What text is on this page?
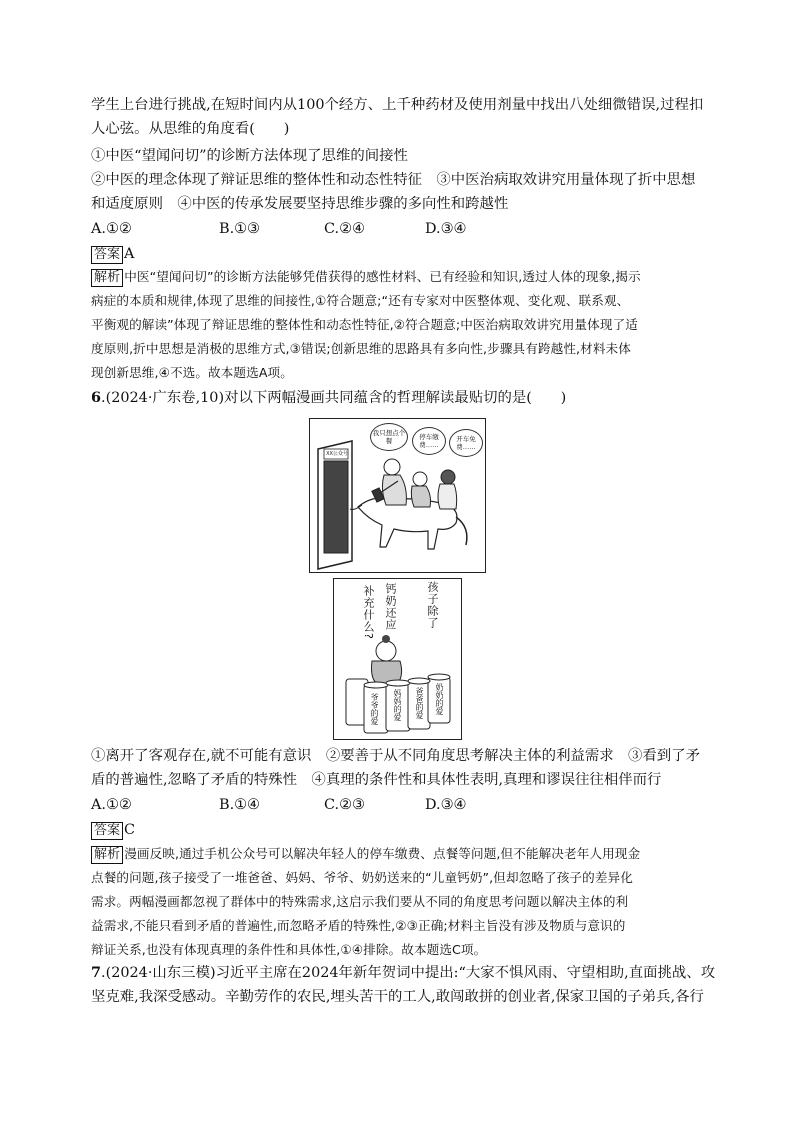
学生上台进行挑战,在短时间内从100个经方、上千种药材及使用剂量中找出八处细微错误,过程扣
人心弦。从思维的角度看(　　)
①中医“望闻问切”的诊断方法体现了思维的间接性
②中医的理念体现了辩证思维的整体性和动态性特征　③中医治病取效讲究用量体现了折中思想
和适度原则　④中医的传承发展要坚持思维步骤的多向性和跨越性
A.①②	B.①③	C.②④	D.③④
答案 A
解析 中医“望闻问切”的诊断方法能够凭借获得的感性材料、已有经验和知识,透过人体的现象,揭示
病症的本质和规律,体现了思维的间接性,①符合题意;“还有专家对中医整体观、变化观、联系观、
平衡观的解读”体现了辩证思维的整体性和动态性特征,②符合题意;中医治病取效讲究用量体现了适
度原则,折中思想是消极的思维方式,③错误;创新思维的思路具有多向性,步骤具有跨越性,材料未体
现创新思维,④不选。故本题选A项。
6.(2024·广东卷,10)对以下两幅漫画共同蕴含的哲理解读最贴切的是(　　)
XX公众号
我只想点个餐	停车缴费……
开车免费……
补充什么? 钙奶还应	孩子除了
爷爷的爱 妈妈的爱 爸爸的爱 奶奶的爱
①离开了客观存在,就不可能有意识　②要善于从不同角度思考解决主体的利益需求　③看到了矛
盾的普遍性,忽略了矛盾的特殊性　④真理的条件性和具体性表明,真理和谬误往往相伴而行
A.①②	B.①④	C.②③	D.③④
答案 C
解析 漫画反映,通过手机公众号可以解决年轻人的停车缴费、点餐等问题,但不能解决老年人用现金
点餐的问题,孩子接受了一堆爸爸、妈妈、爷爷、奶奶送来的“儿童钙奶”,但却忽略了孩子的差异化
需求。两幅漫画都忽视了群体中的特殊需求,这启示我们要从不同的角度思考问题以解决主体的利
益需求,不能只看到矛盾的普遍性,而忽略矛盾的特殊性,②③正确;材料主旨没有涉及物质与意识的
辩证关系,也没有体现真理的条件性和具体性,①④排除。故本题选C项。
7.(2024·山东三模)习近平主席在2024年新年贺词中提出:“大家不惧风雨、守望相助,直面挑战、攻
坚克难,我深受感动。辛勤劳作的农民,埋头苦干的工人,敢闯敢拼的创业者,保家卫国的子弟兵,各行
